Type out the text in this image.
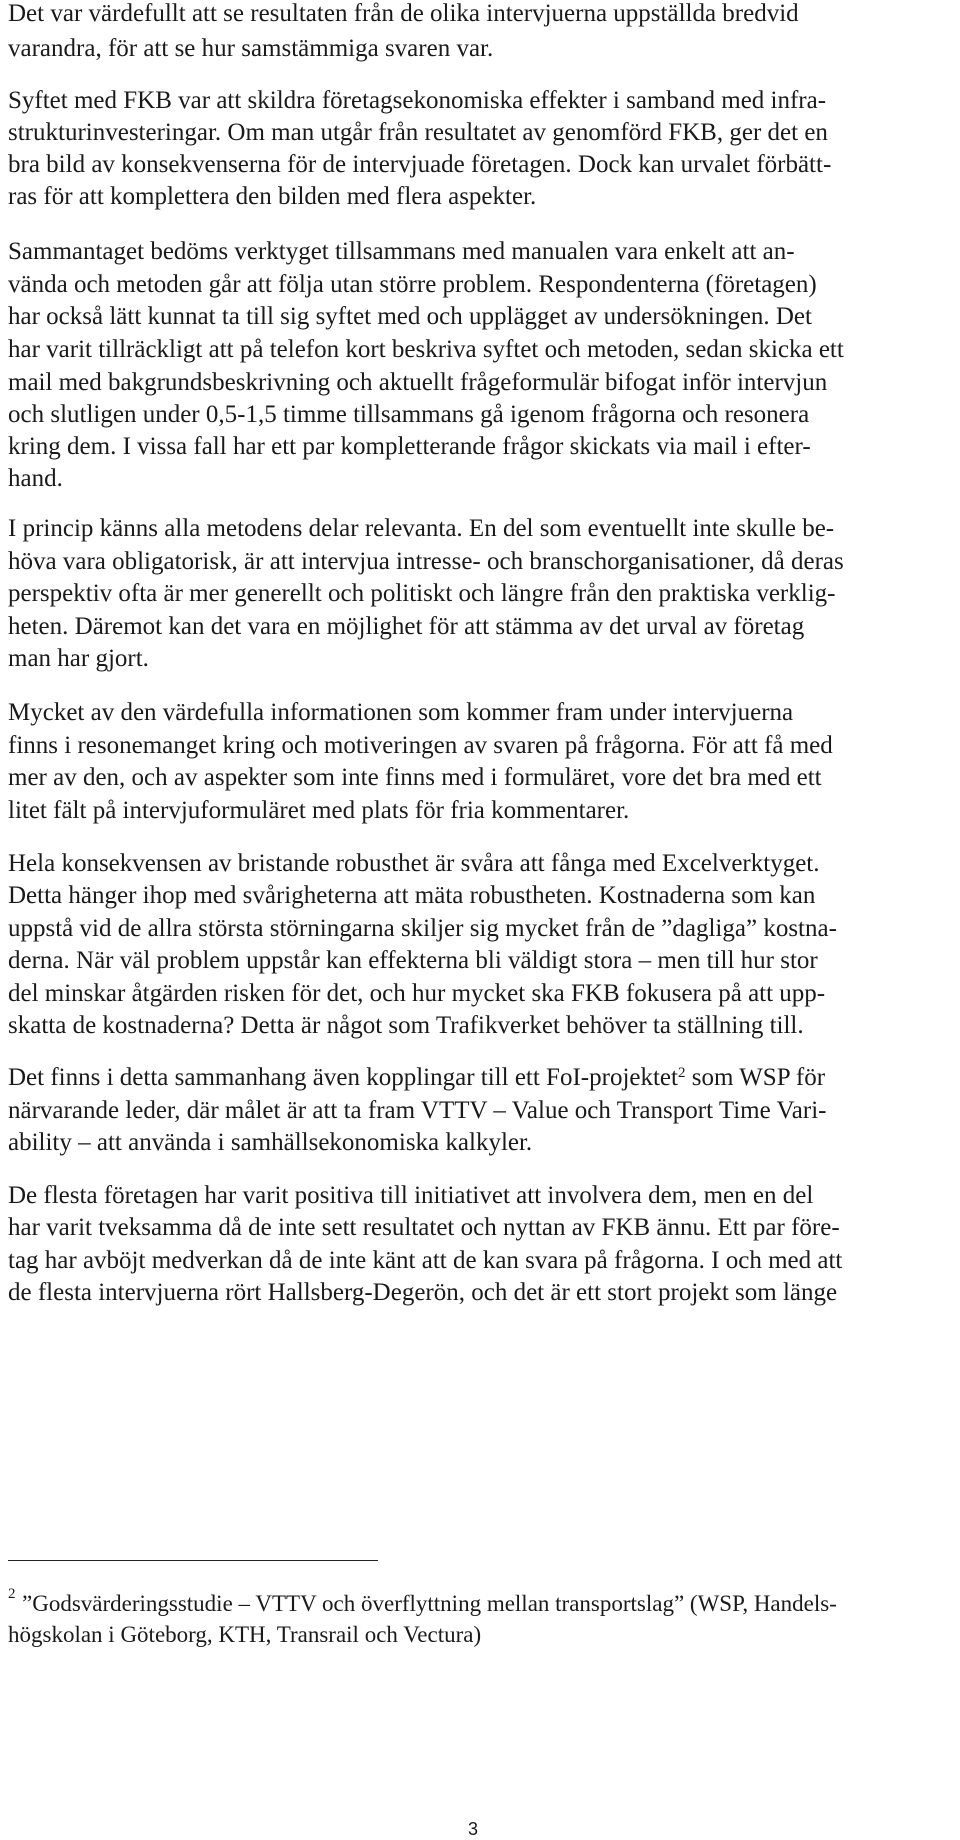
Det var värdefullt att se resultaten från de olika intervjuerna uppställda bredvid
varandra, för att se hur samstämmiga svaren var.
Syftet med FKB var att skildra företagsekonomiska effekter i samband med infra-
strukturinvesteringar. Om man utgår från resultatet av genomförd FKB, ger det en
bra bild av konsekvenserna för de intervjuade företagen. Dock kan urvalet förbätt-
ras för att komplettera den bilden med flera aspekter.
Sammantaget bedöms verktyget tillsammans med manualen vara enkelt att an-
vända och metoden går att följa utan större problem. Respondenterna (företagen)
har också lätt kunnat ta till sig syftet med och upplägget av undersökningen. Det
har varit tillräckligt att på telefon kort beskriva syftet och metoden, sedan skicka ett
mail med bakgrundsbeskrivning och aktuellt frågeformulär bifogat inför intervjun
och slutligen under 0,5-1,5 timme tillsammans gå igenom frågorna och resonera
kring dem. I vissa fall har ett par kompletterande frågor skickats via mail i efter-
hand.
I princip känns alla metodens delar relevanta. En del som eventuellt inte skulle be-
höva vara obligatorisk, är att intervjua intresse- och branschorganisationer, då deras
perspektiv ofta är mer generellt och politiskt och längre från den praktiska verklig-
heten. Däremot kan det vara en möjlighet för att stämma av det urval av företag
man har gjort.
Mycket av den värdefulla informationen som kommer fram under intervjuerna
finns i resonemanget kring och motiveringen av svaren på frågorna. För att få med
mer av den, och av aspekter som inte finns med i formuläret, vore det bra med ett
litet fält på intervjuformuläret med plats för fria kommentarer.
Hela konsekvensen av bristande robusthet är svåra att fånga med Excelverktyget.
Detta hänger ihop med svårigheterna att mäta robustheten. Kostnaderna som kan
uppstå vid de allra största störningarna skiljer sig mycket från de ”dagliga” kostna-
derna. När väl problem uppstår kan effekterna bli väldigt stora – men till hur stor
del minskar åtgärden risken för det, och hur mycket ska FKB fokusera på att upp-
skatta de kostnaderna? Detta är något som Trafikverket behöver ta ställning till.
Det finns i detta sammanhang även kopplingar till ett FoI-projektet$^2$ som WSP för
närvarande leder, där målet är att ta fram VTTV – Value och Transport Time Vari-
ability – att använda i samhällsekonomiska kalkyler.
De flesta företagen har varit positiva till initiativet att involvera dem, men en del
har varit tveksamma då de inte sett resultatet och nyttan av FKB ännu. Ett par före-
tag har avböjt medverkan då de inte känt att de kan svara på frågorna. I och med att
de flesta intervjuerna rört Hallsberg-Degerön, och det är ett stort projekt som länge
2 ”Godsvärderingsstudie – VTTV och överflyttning mellan transportslag” (WSP, Handels-
högskolan i Göteborg, KTH, Transrail och Vectura)
3
